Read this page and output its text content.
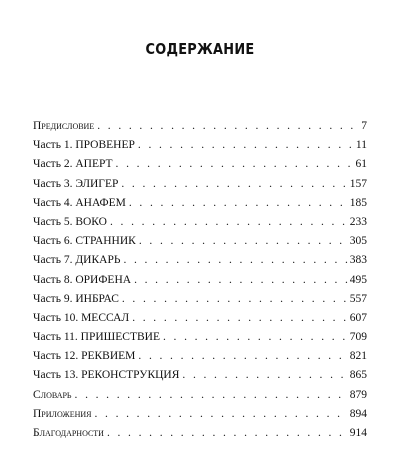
СОДЕРЖАНИЕ
Предисловие . . .	7
Часть 1. ПРОВЕНЕР . . .	11
Часть 2. АПЕРТ . . .	61
Часть 3. ЭЛИГЕР . . .	157
Часть 4. АНАФЕМ . . .	185
Часть 5. ВОКО . . .	233
Часть 6. СТРАННИК . . .	305
Часть 7. ДИКАРЬ . . .	383
Часть 8. ОРИФЕНА . . .	495
Часть 9. ИНБРАС . . .	557
Часть 10. МЕССАЛ . . .	607
Часть 11. ПРИШЕСТВИЕ . . .	709
Часть 12. РЕКВИЕМ . . .	821
Часть 13. РЕКОНСТРУКЦИЯ . . .	865
Словарь . . .	879
Приложения . . .	894
Благодарности . . .	914
